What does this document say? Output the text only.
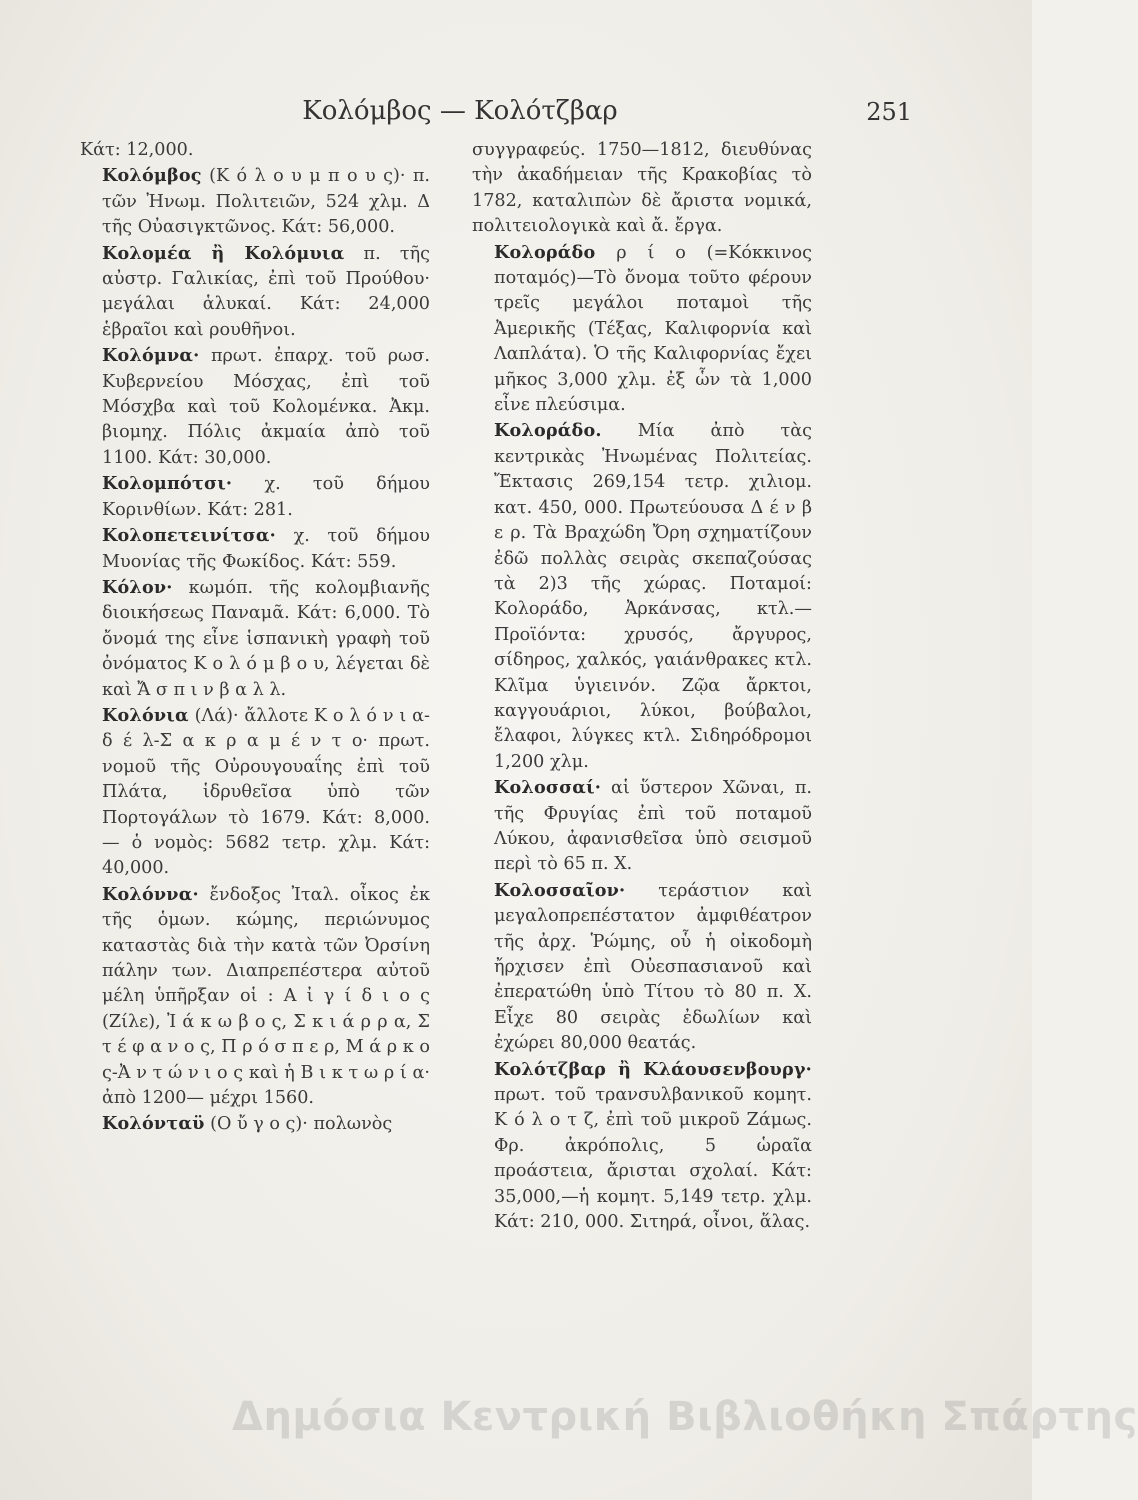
Κολόμβος — Κολότζβαρ	251

Κάτ: 12,000.

Κολόμβος (Κ ό λ ο υ μ π ο υ ς)· π. τῶν Ἠνωμ. Πολιτειῶν, 524 χλμ. Δ τῆς Οὐασιγκτῶνος. Κάτ: 56,000.

Κολομέα ἢ Κολόμυια π. τῆς αὐστρ. Γαλικίας, ἐπὶ τοῦ Προύθου· μεγάλαι ἁλυκαί. Κάτ: 24,000 ἑβραῖοι καὶ ρουθῆνοι.

Κολόμνα· πρωτ. ἐπαρχ. τοῦ ρωσ. Κυβερνείου Μόσχας, ἐπὶ τοῦ Μόσχβα καὶ τοῦ Κολομένκα. Ἀκμ. βιομηχ. Πόλις ἀκμαία ἀπὸ τοῦ 1100. Κάτ: 30,000.

Κολομπότσι· χ. τοῦ δήμου Κορινθίων. Κάτ: 281.

Κολοπετεινίτσα· χ. τοῦ δήμου Μυονίας τῆς Φωκίδος. Κάτ: 559.

Κόλον· κωμόπ. τῆς κολομβιανῆς διοικήσεως Παναμᾶ. Κάτ: 6,000. Τὸ ὄνομά της εἶνε ἱσπανικὴ γραφὴ τοῦ ὀνόματος Κ ο λ ό μ β ο υ, λέγεται δὲ καὶ Ἄ σ π ι ν β α λ λ.

Κολόνια (Λά)· ἄλλοτε Κ ο λ ό ν ι α-δ έ λ-Σ α κ ρ α μ έ ν τ ο· πρωτ. νομοῦ τῆς Οὐρουγουαΐης ἐπὶ τοῦ Πλάτα, ἱδρυθεῖσα ὑπὸ τῶν Πορτογάλων τὸ 1679. Κάτ: 8,000. — ὁ νομὸς: 5682 τετρ. χλμ. Κάτ: 40,000.

Κολόννα· ἔνδοξος Ἰταλ. οἶκος ἐκ τῆς ὁμων. κώμης, περιώνυμος καταστὰς διὰ τὴν κατὰ τῶν Ὀρσίνη πάλην των. Διαπρεπέστερα αὐτοῦ μέλη ὑπῆρξαν οἱ : Α ἰ γ ί δ ι ο ς (Ζίλε), Ἰ ά κ ω β ο ς, Σ κ ι ά ρ ρ α, Σ τ έ φ α ν ο ς, Π ρ ό σ π ε ρ, Μ ά ρ κ ο ς-Ἀ ν τ ώ ν ι ο ς καὶ ἡ Β ι κ τ ω ρ ί α· ἀπὸ 1200— μέχρι 1560.

Κολόνταϋ (Ο ὔ γ ο ς)· πολωνὸς

συγγραφεύς. 1750—1812, διευθύνας τὴν ἀκαδήμειαν τῆς Κρακοβίας τὸ 1782, καταλιπὼν δὲ ἄριστα νομικά, πολιτειολογικὰ καὶ ἄ. ἔργα.

Κολοράδο ρ ί ο (=Κόκκινος ποταμός)—Τὸ ὄνομα τοῦτο φέρουν τρεῖς μεγάλοι ποταμοὶ τῆς Ἀμερικῆς (Τέξας, Καλιφορνία καὶ Λαπλάτα). Ὁ τῆς Καλιφορνίας ἔχει μῆκος 3,000 χλμ. ἐξ ὧν τὰ 1,000 εἶνε πλεύσιμα.

Κολοράδο. Μία ἀπὸ τὰς κεντρικὰς Ἠνωμένας Πολιτείας. Ἔκτασις 269,154 τετρ. χιλιομ. κατ. 450, 000. Πρωτεύουσα Δ έ ν β ε ρ. Τὰ Βραχώδη Ὄρη σχηματίζουν ἐδῶ πολλὰς σειρὰς σκεπαζούσας τὰ 2)3 τῆς χώρας. Ποταμοί: Κολοράδο, Ἀρκάνσας, κτλ.—Προϊόντα: χρυσός, ἄργυρος, σίδηρος, χαλκός, γαιάνθρακες κτλ. Κλῖμα ὑγιεινόν. Ζῷα ἄρκτοι, καγγουάριοι, λύκοι, βούβαλοι, ἔλαφοι, λύγκες κτλ. Σιδηρόδρομοι 1,200 χλμ.

Κολοσσαί· αἱ ὕστερον Χῶναι, π. τῆς Φρυγίας ἐπὶ τοῦ ποταμοῦ Λύκου, ἀφανισθεῖσα ὑπὸ σεισμοῦ περὶ τὸ 65 π. Χ.

Κολοσσαῖον· τεράστιον καὶ μεγαλοπρεπέστατον ἀμφιθέατρον τῆς ἀρχ. Ῥώμης, οὗ ἡ οἰκοδομὴ ἤρχισεν ἐπὶ Οὐεσπασιανοῦ καὶ ἐπερατώθη ὑπὸ Τίτου τὸ 80 π. Χ. Εἶχε 80 σειρὰς ἐδωλίων καὶ ἐχώρει 80,000 θεατάς.

Κολότζβαρ ἢ Κλάουσενβουργ· πρωτ. τοῦ τρανσυλβανικοῦ κομητ. Κ ό λ ο τ ζ, ἐπὶ τοῦ μικροῦ Ζάμως. Φρ. ἀκρόπολις, 5 ὡραῖα προάστεια, ἄρισται σχολαί. Κάτ: 35,000,—ἡ κομητ. 5,149 τετρ. χλμ. Κάτ: 210, 000. Σιτηρά, οἶνοι, ἅλας.

Δημόσια Κεντρική Βιβλιοθήκη Σπάρτης
